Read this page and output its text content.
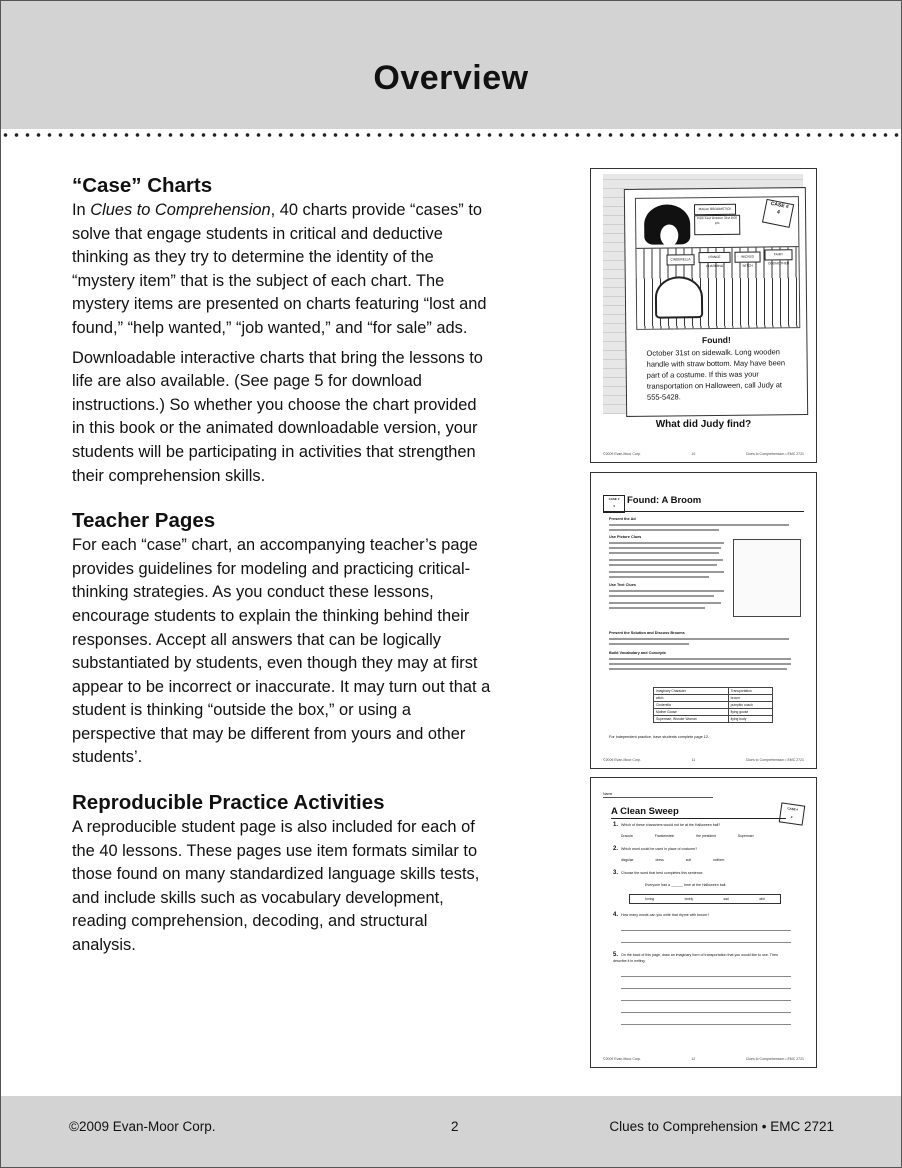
Overview
“Case” Charts

In Clues to Comprehension, 40 charts provide “cases” to solve that engage students in critical and deductive thinking as they try to determine the identity of the “mystery item” that is the subject of each chart. The mystery items are presented on charts featuring “lost and found,” “help wanted,” “job wanted,” and “for sale” ads.

Downloadable interactive charts that bring the lessons to life are also available. (See page 5 for download instructions.) So whether you choose the chart provided in this book or the animated downloadable version, your students will be participating in activities that strengthen their comprehension skills.

Teacher Pages

For each “case” chart, an accompanying teacher’s page provides guidelines for modeling and practicing critical-thinking strategies. As you conduct these lessons, encourage students to explain the thinking behind their responses. Accept all answers that can be logically substantiated by students, even though they may at first appear to be incorrect or inaccurate. It may turn out that a student is thinking “outside the box,” or using a perspective that may be different from yours and other students’.

Reproducible Practice Activities

A reproducible student page is also included for each of the 40 lessons. These pages use item formats similar to those found on many standardized language skills tests, and include skills such as vocabulary development, reading comprehension, decoding, and structural analysis.

MAGIC BROOMSTICK
Park Fest October 31st 8:00 pm
CINDERELLA
PRINCE CHARMING
WICKED WITCH
FAIRY GODMOTHER
CASE #
4
Found!
October 31st on sidewalk. Long wooden handle with straw bottom. May have been part of a costume. If this was your transportation on Halloween, call Judy at 555-5428.
What did Judy find?
©2009 Evan-Moor Corp.	10	Clues to Comprehension • EMC 2721
CASE #
4	Found: A Broom
Present the Ad
Use Picture Clues
Use Text Clues
Present the Solution and Discuss Brooms
Build Vocabulary and Concepts
Imaginary Character	Transportation
witch	broom
Cinderella	pumpkin coach
Mother Goose	flying goose
Superman, Wonder Woman	flying body
For independent practice, have students complete page 12.
©2009 Evan-Moor Corp.	11	Clues to Comprehension • EMC 2721
Name
A Clean Sweep	CASE #
4
1. Which of these characters would not be at the Halloween ball?
Dracula	Frankenstein	the president	Superman
2. Which word could be used in place of costume?
disguise	dress	suit	uniform
3. Choose the word that best completes this sentence.
Everyone had a ______ time at the Halloween ball.
boring	lonely	sad	wild
4. How many words can you write that rhyme with broom?
5. On the back of this page, draw an imaginary form of transportation that you would like to use. Then describe it in writing.
©2009 Evan-Moor Corp.	12	Clues to Comprehension • EMC 2721
©2009 Evan-Moor Corp.	2	Clues to Comprehension • EMC 2721
